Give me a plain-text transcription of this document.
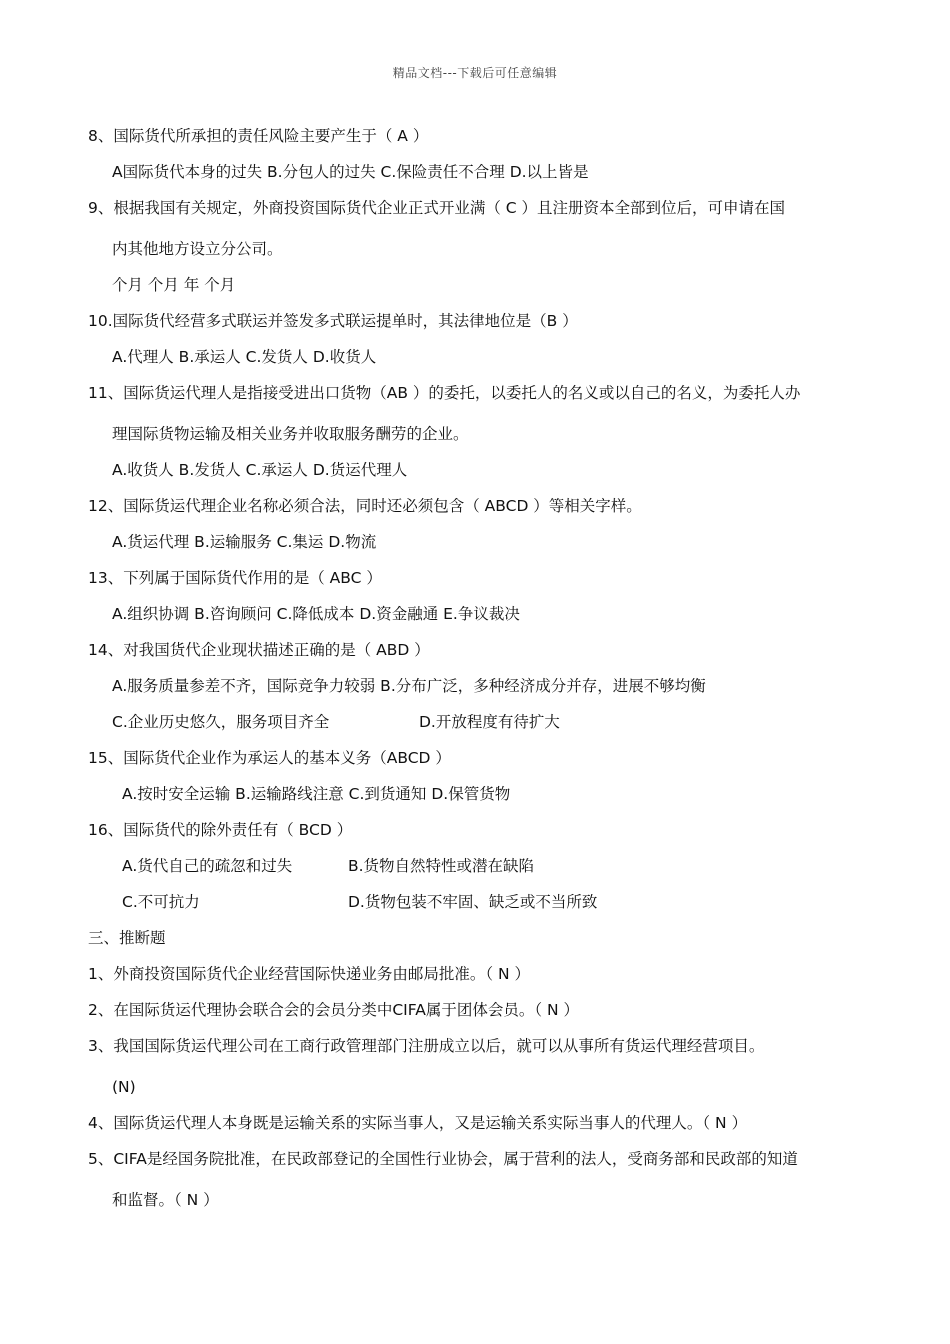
精品文档---下载后可任意编辑
8、国际货代所承担的责任风险主要产生于（ A ）
A国际货代本身的过失 B.分包人的过失 C.保险责任不合理 D.以上皆是
9、根据我国有关规定，外商投资国际货代企业正式开业满（ C ）且注册资本全部到位后，可申请在国
内其他地方设立分公司。
个月 个月 年 个月
10.国际货代经营多式联运并签发多式联运提单时，其法律地位是（B ）
A.代理人 B.承运人 C.发货人 D.收货人
11、国际货运代理人是指接受进出口货物（AB ）的委托，以委托人的名义或以自己的名义，为委托人办
理国际货物运输及相关业务并收取服务酬劳的企业。
A.收货人 B.发货人 C.承运人 D.货运代理人
12、国际货运代理企业名称必须合法，同时还必须包含（ ABCD ）等相关字样。
A.货运代理 B.运输服务 C.集运 D.物流
13、下列属于国际货代作用的是（ ABC ）
A.组织协调 B.咨询顾问 C.降低成本 D.资金融通 E.争议裁决
14、对我国货代企业现状描述正确的是（ ABD ）
A.服务质量参差不齐，国际竞争力较弱 B.分布广泛，多种经济成分并存，进展不够均衡
C.企业历史悠久，服务项目齐全	D.开放程度有待扩大
15、国际货代企业作为承运人的基本义务（ABCD ）
A.按时安全运输 B.运输路线注意 C.到货通知 D.保管货物
16、国际货代的除外责任有（ BCD ）
A.货代自己的疏忽和过失	B.货物自然特性或潜在缺陷
C.不可抗力	D.货物包装不牢固、缺乏或不当所致
三、推断题
1、外商投资国际货代企业经营国际快递业务由邮局批准。（ N ）
2、在国际货运代理协会联合会的会员分类中CIFA属于团体会员。（ N ）
3、我国国际货运代理公司在工商行政管理部门注册成立以后，就可以从事所有货运代理经营项目。
(N)
4、国际货运代理人本身既是运输关系的实际当事人，又是运输关系实际当事人的代理人。（ N ）
5、CIFA是经国务院批准，在民政部登记的全国性行业协会，属于营利的法人，受商务部和民政部的知道
和监督。（ N ）
